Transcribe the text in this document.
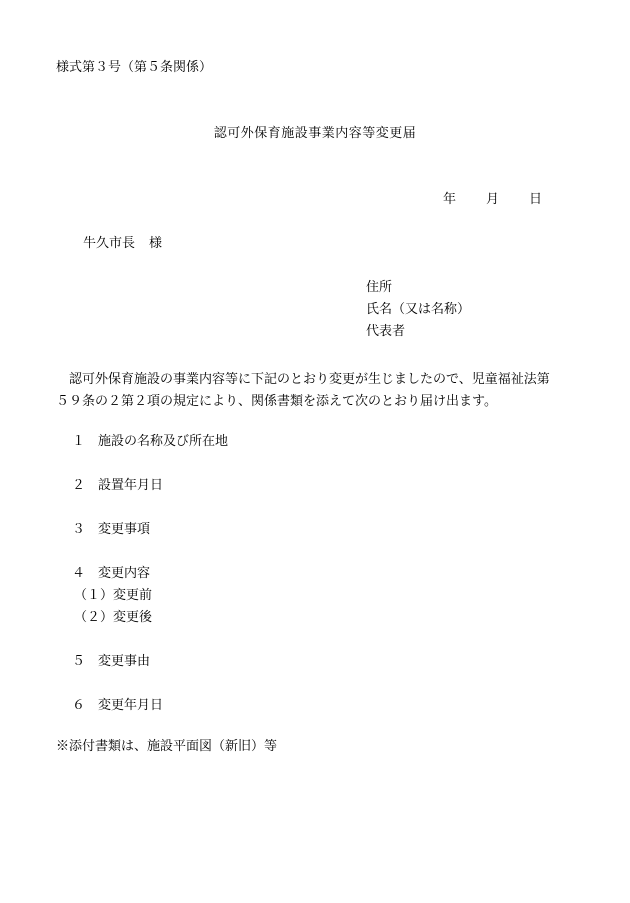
様式第３号（第５条関係）
認可外保育施設事業内容等変更届
年 月 日
牛久市長 様
住所
氏名（又は名称）
代表者

認可外保育施設の事業内容等に下記のとおり変更が生じましたので、児童福祉法第

５９条の２第２項の規定により、関係書類を添えて次のとおり届け出ます。

１ 施設の名称及び所在地
２ 設置年月日
３ 変更事項
４ 変更内容
（１）変更前
（２）変更後
５ 変更事由
６ 変更年月日
※添付書類は、施設平面図（新旧）等
